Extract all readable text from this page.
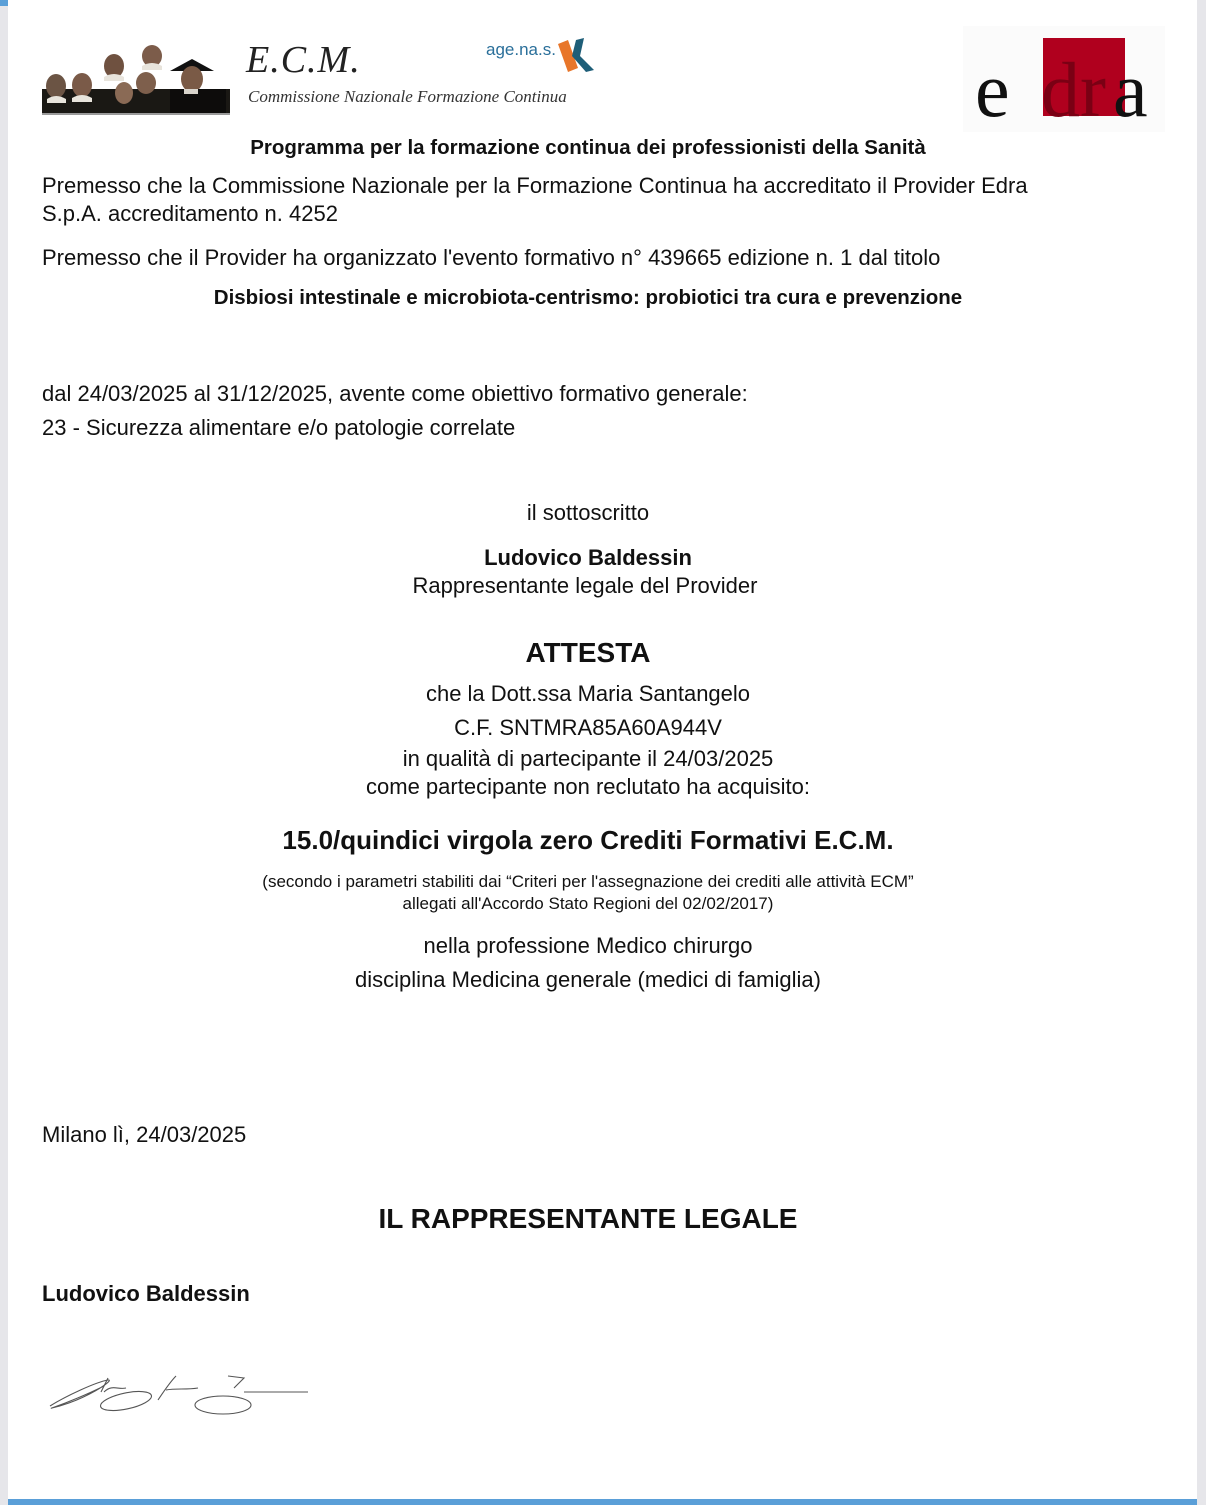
E.C.M.
Commissione Nazionale Formazione Continua
age.na.s.	e dr a
Programma per la formazione continua dei professionisti della Sanità
Premesso che la Commissione Nazionale per la Formazione Continua ha accreditato il Provider Edra
S.p.A. accreditamento n. 4252
Premesso che il Provider ha organizzato l'evento formativo n° 439665 edizione n. 1 dal titolo
Disbiosi intestinale e microbiota-centrismo: probiotici tra cura e prevenzione
dal 24/03/2025 al 31/12/2025, avente come obiettivo formativo generale:
23 - Sicurezza alimentare e/o patologie correlate
il sottoscritto
Ludovico Baldessin
Rappresentante legale del Provider
ATTESTA
che la Dott.ssa Maria Santangelo
C.F. SNTMRA85A60A944V
in qualità di partecipante il 24/03/2025
come partecipante non reclutato ha acquisito:
15.0/quindici virgola zero Crediti Formativi E.C.M.
(secondo i parametri stabiliti dai “Criteri per l'assegnazione dei crediti alle attività ECM”
allegati all'Accordo Stato Regioni del 02/02/2017)
nella professione Medico chirurgo
disciplina Medicina generale (medici di famiglia)
Milano lì, 24/03/2025
IL RAPPRESENTANTE LEGALE
Ludovico Baldessin
